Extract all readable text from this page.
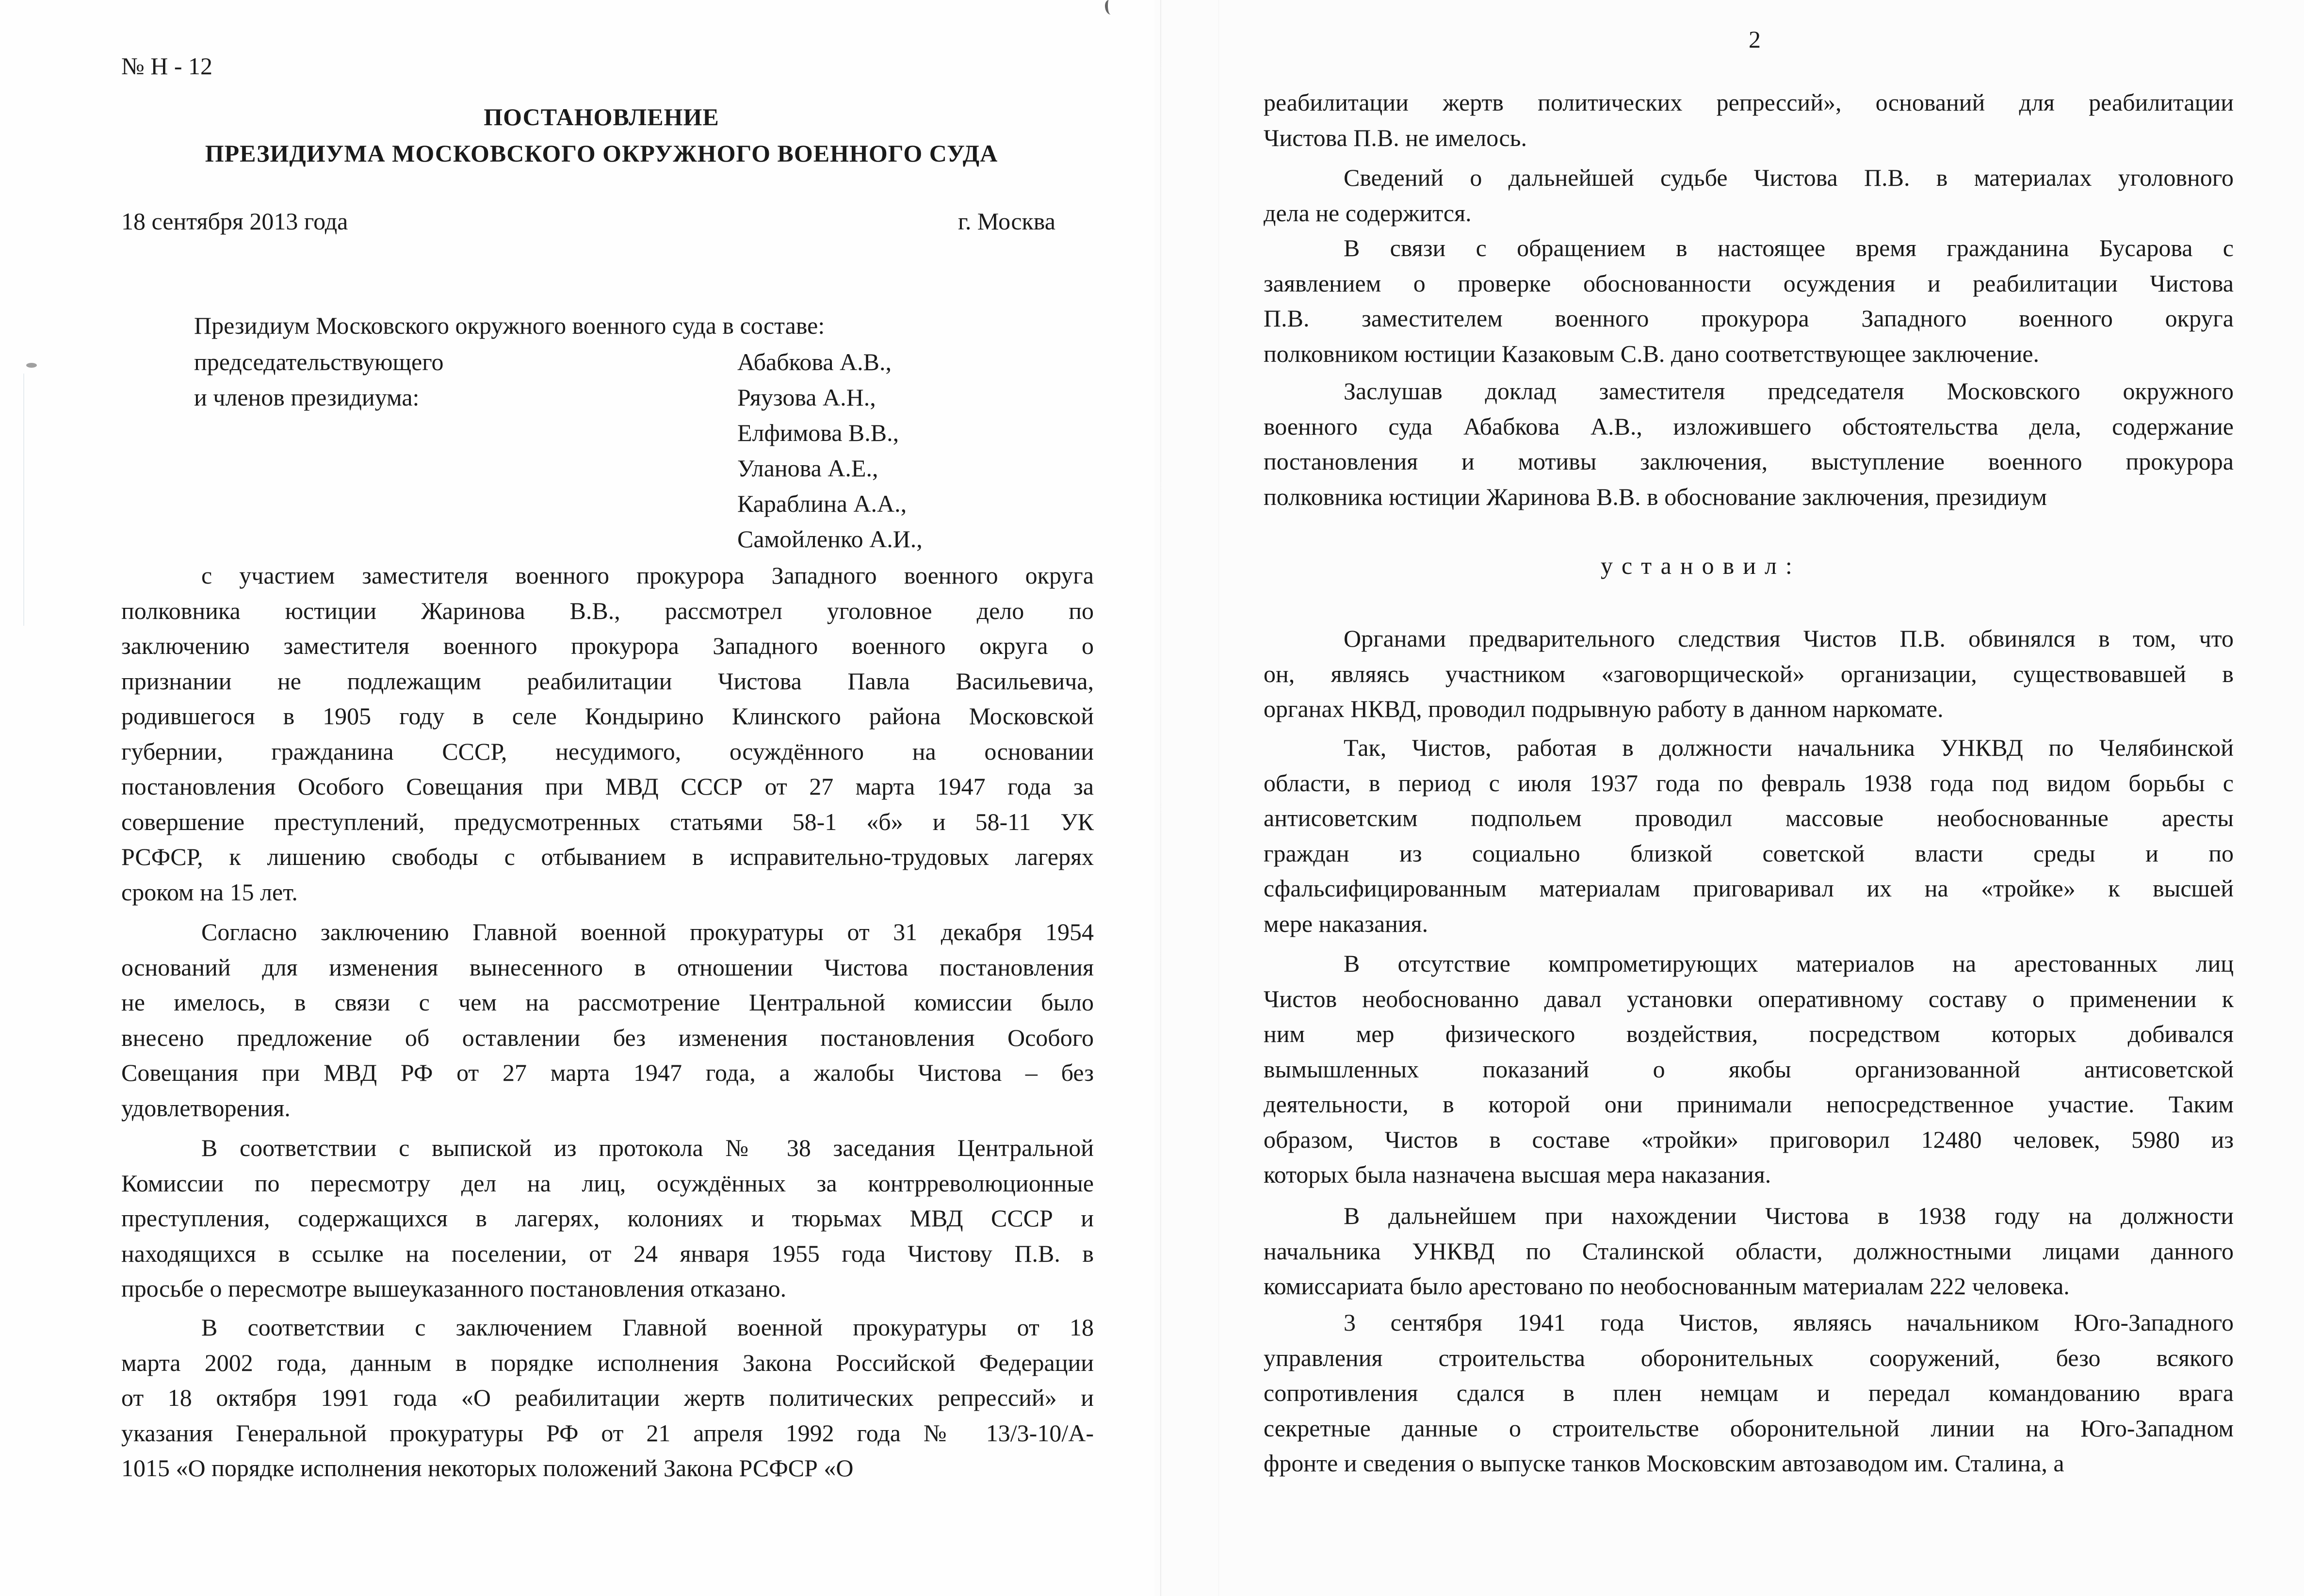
№ Н - 12
ПОСТАНОВЛЕНИЕ
ПРЕЗИДИУМА МОСКОВСКОГО ОКРУЖНОГО ВОЕННОГО СУДА
18 сентября 2013 года	г. Москва
Президиум Московского окружного военного суда в составе:
председательствующего
и членов президиума:
Абабкова А.В.,
Ряузова А.Н.,
Елфимова В.В.,
Уланова А.Е.,
Караблина А.А.,
Самойленко А.И.,
с участием заместителя военного прокурора Западного военного округа
полковника юстиции Жаринова В.В., рассмотрел уголовное дело по
заключению заместителя военного прокурора Западного военного округа о
признании не подлежащим реабилитации Чистова Павла Васильевича,
родившегося в 1905 году в селе Кондырино Клинского района Московской
губернии, гражданина СССР, несудимого, осуждённого на основании
постановления Особого Совещания при МВД СССР от 27 марта 1947 года за
совершение преступлений, предусмотренных статьями 58-1 «б» и 58-11 УК
РСФСР, к лишению свободы с отбыванием в исправительно-трудовых лагерях
сроком на 15 лет.
Согласно заключению Главной военной прокуратуры от 31 декабря 1954
оснований для изменения вынесенного в отношении Чистова постановления
не имелось, в связи с чем на рассмотрение Центральной комиссии было
внесено предложение об оставлении без изменения постановления Особого
Совещания при МВД РФ от 27 марта 1947 года, а жалобы Чистова – без
удовлетворения.
В соответствии с выпиской из протокола № 38 заседания Центральной
Комиссии по пересмотру дел на лиц, осуждённых за контрреволюционные
преступления, содержащихся в лагерях, колониях и тюрьмах МВД СССР и
находящихся в ссылке на поселении, от 24 января 1955 года Чистову П.В. в
просьбе о пересмотре вышеуказанного постановления отказано.
В соответствии с заключением Главной военной прокуратуры от 18
марта 2002 года, данным в порядке исполнения Закона Российской Федерации
от 18 октября 1991 года «О реабилитации жертв политических репрессий» и
указания Генеральной прокуратуры РФ от 21 апреля 1992 года № 13/3-10/А-
1015 «О порядке исполнения некоторых положений Закона РСФСР «О
2
реабилитации жертв политических репрессий», оснований для реабилитации
Чистова П.В. не имелось.
Сведений о дальнейшей судьбе Чистова П.В. в материалах уголовного
дела не содержится.
В связи с обращением в настоящее время гражданина Бусарова с
заявлением о проверке обоснованности осуждения и реабилитации Чистова
П.В. заместителем военного прокурора Западного военного округа
полковником юстиции Казаковым С.В. дано соответствующее заключение.
Заслушав доклад заместителя председателя Московского окружного
военного суда Абабкова А.В., изложившего обстоятельства дела, содержание
постановления и мотивы заключения, выступление военного прокурора
полковника юстиции Жаринова В.В. в обоснование заключения, президиум
установил:
Органами предварительного следствия Чистов П.В. обвинялся в том, что
он, являясь участником «заговорщической» организации, существовавшей в
органах НКВД, проводил подрывную работу в данном наркомате.
Так, Чистов, работая в должности начальника УНКВД по Челябинской
области, в период с июля 1937 года по февраль 1938 года под видом борьбы с
антисоветским подпольем проводил массовые необоснованные аресты
граждан из социально близкой советской власти среды и по
сфальсифицированным материалам приговаривал их на «тройке» к высшей
мере наказания.
В отсутствие компрометирующих материалов на арестованных лиц
Чистов необоснованно давал установки оперативному составу о применении к
ним мер физического воздействия, посредством которых добивался
вымышленных показаний о якобы организованной антисоветской
деятельности, в которой они принимали непосредственное участие. Таким
образом, Чистов в составе «тройки» приговорил 12480 человек, 5980 из
которых была назначена высшая мера наказания.
В дальнейшем при нахождении Чистова в 1938 году на должности
начальника УНКВД по Сталинской области, должностными лицами данного
комиссариата было арестовано по необоснованным материалам 222 человека.
3 сентября 1941 года Чистов, являясь начальником Юго-Западного
управления строительства оборонительных сооружений, безо всякого
сопротивления сдался в плен немцам и передал командованию врага
секретные данные о строительстве оборонительной линии на Юго-Западном
фронте и сведения о выпуске танков Московским автозаводом им. Сталина, а
